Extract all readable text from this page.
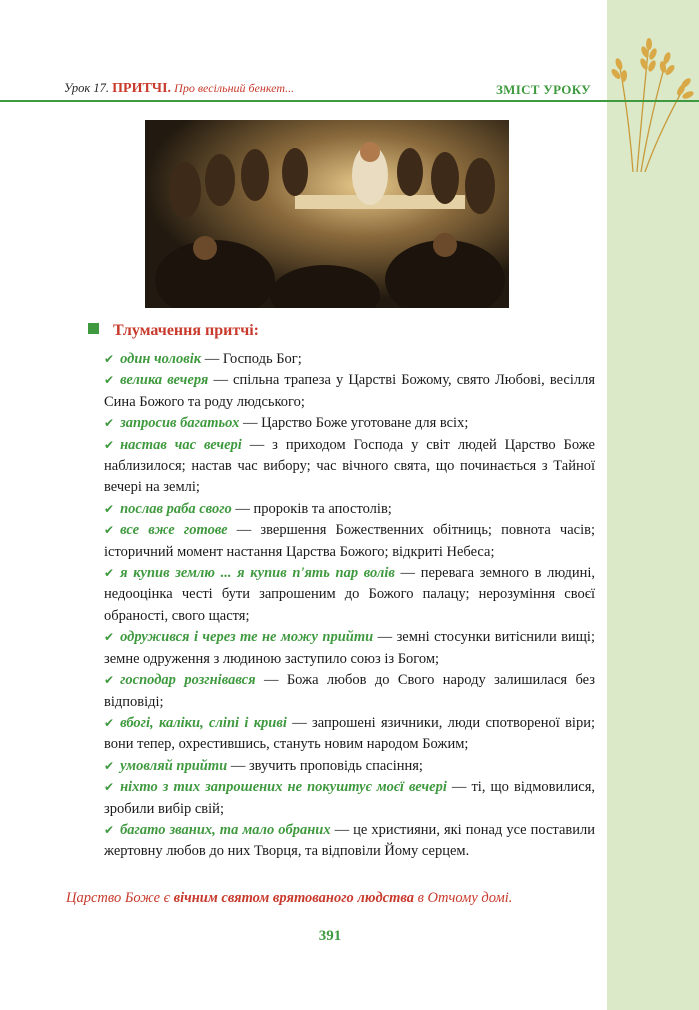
Урок 17. ПРИТЧІ. Про весільний бенкет...	ЗМІСТ УРОКУ
Тлумачення притчі:
✔ один чоловік — Господь Бог;
✔ велика вечеря — спільна трапеза у Царстві Божому, свято Любові, весілля Сина Божого та роду людського;
✔ запросив багатьох — Царство Боже уготоване для всіх;
✔ настав час вечері — з приходом Господа у світ людей Царство Боже наблизилося; настав час вибору; час вічного свята, що починається з Тайної вечері на землі;
✔ послав раба свого — пророків та апостолів;
✔ все вже готове — звершення Божественних обітниць; повнота часів; історичний момент настання Царства Божого; відкриті Небеса;
✔ я купив землю ... я купив п'ять пар волів — перевага земного в людині, недооцінка честі бути запрошеним до Божого палацу; нерозуміння своєї обраності, свого щастя;
✔ одружився і через те не можу прийти — земні стосунки витіснили вищі; земне одруження з людиною заступило союз із Богом;
✔ господар розгнівався — Божа любов до Свого народу залишилася без відповіді;
✔ вбогі, каліки, сліпі і криві — запрошені язичники, люди спотвореної віри; вони тепер, охрестившись, стануть новим народом Божим;
✔ умовляй прийти — звучить проповідь спасіння;
✔ ніхто з тих запрошених не покуштує моєї вечері — ті, що відмовилися, зробили вибір свій;
✔ багато званих, та мало обраних — це християни, які понад усе поставили жертовну любов до них Творця, та відповіли Йому серцем.
Царство Боже є вічним святом врятованого людства в Отчому домі.
391
